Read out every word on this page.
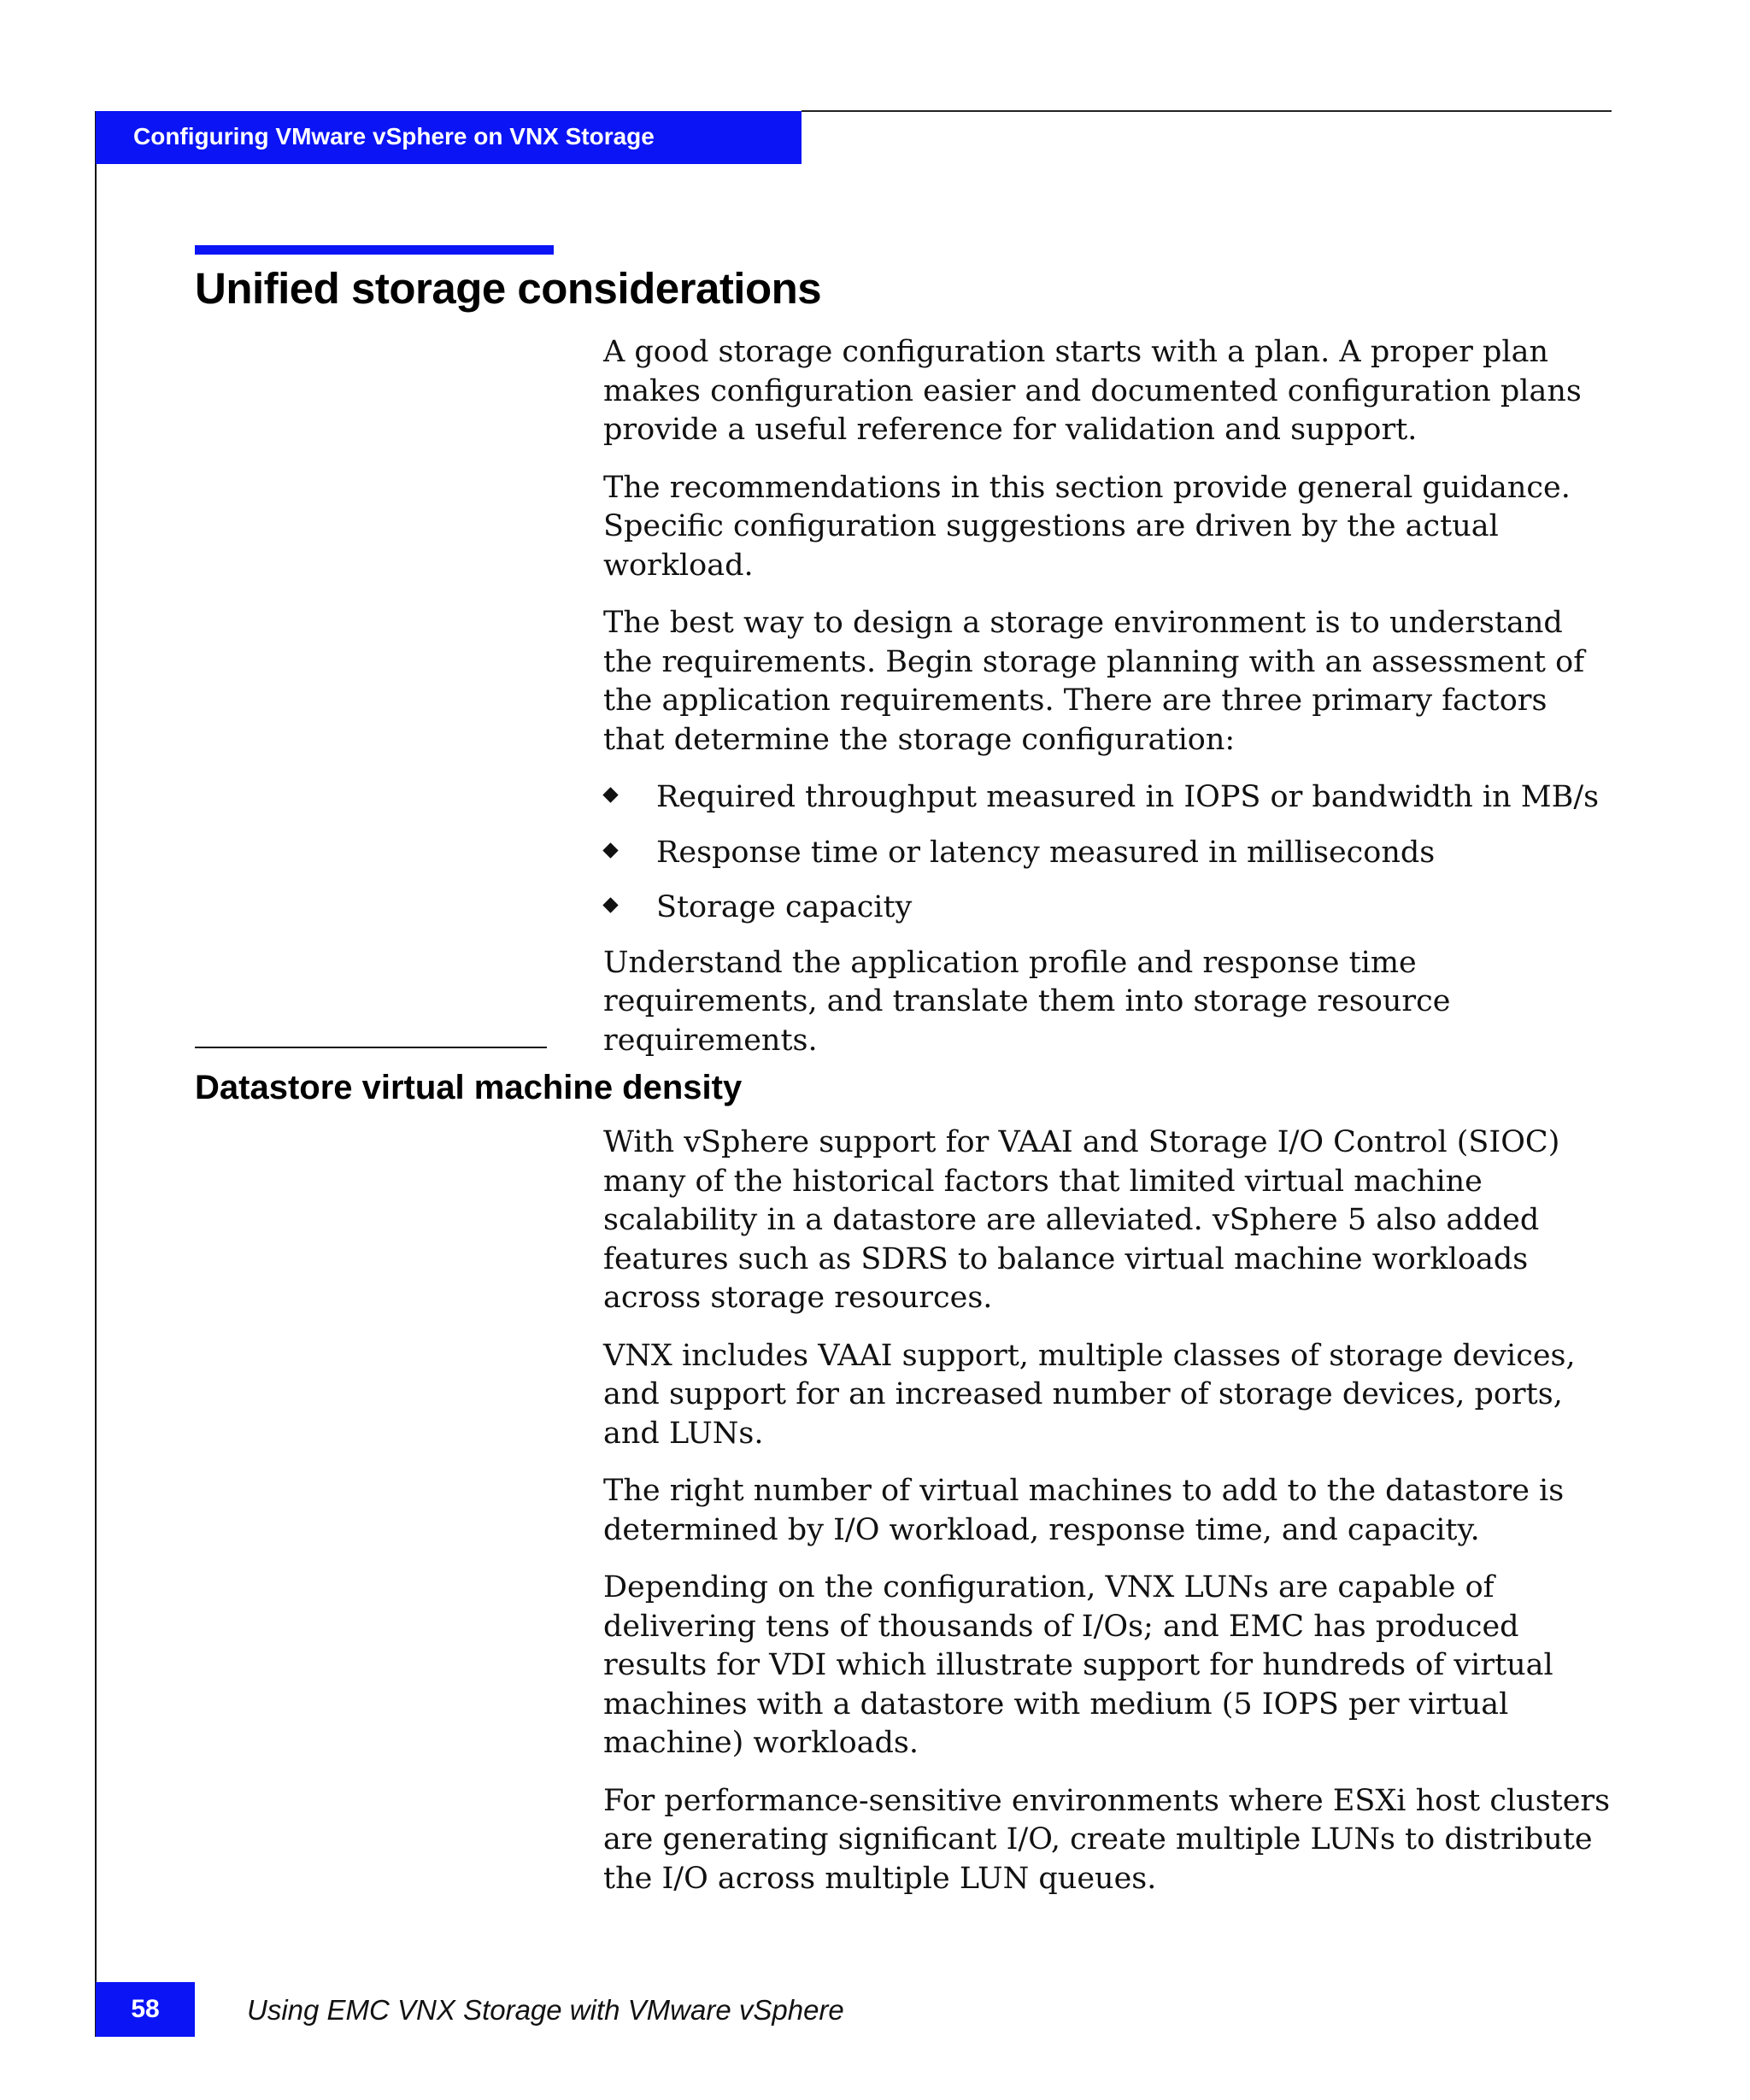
Configuring VMware vSphere on VNX Storage
Unified storage considerations

A good storage configuration starts with a plan. A proper plan makes configuration easier and documented configuration plans provide a useful reference for validation and support.

The recommendations in this section provide general guidance. Specific configuration suggestions are driven by the actual workload.

The best way to design a storage environment is to understand the requirements. Begin storage planning with an assessment of the application requirements. There are three primary factors that determine the storage configuration:

Required throughput measured in IOPS or bandwidth in MB/s
Response time or latency measured in milliseconds
Storage capacity

Understand the application profile and response time requirements, and translate them into storage resource requirements.

Datastore virtual machine density

With vSphere support for VAAI and Storage I/O Control (SIOC) many of the historical factors that limited virtual machine scalability in a datastore are alleviated. vSphere 5 also added features such as SDRS to balance virtual machine workloads across storage resources.

VNX includes VAAI support, multiple classes of storage devices, and support for an increased number of storage devices, ports, and LUNs.

The right number of virtual machines to add to the datastore is determined by I/O workload, response time, and capacity.

Depending on the configuration, VNX LUNs are capable of delivering tens of thousands of I/Os; and EMC has produced results for VDI which illustrate support for hundreds of virtual machines with a datastore with medium (5 IOPS per virtual machine) workloads.

For performance-sensitive environments where ESXi host clusters are generating significant I/O, create multiple LUNs to distribute the I/O across multiple LUN queues.

58	Using EMC VNX Storage with VMware vSphere
